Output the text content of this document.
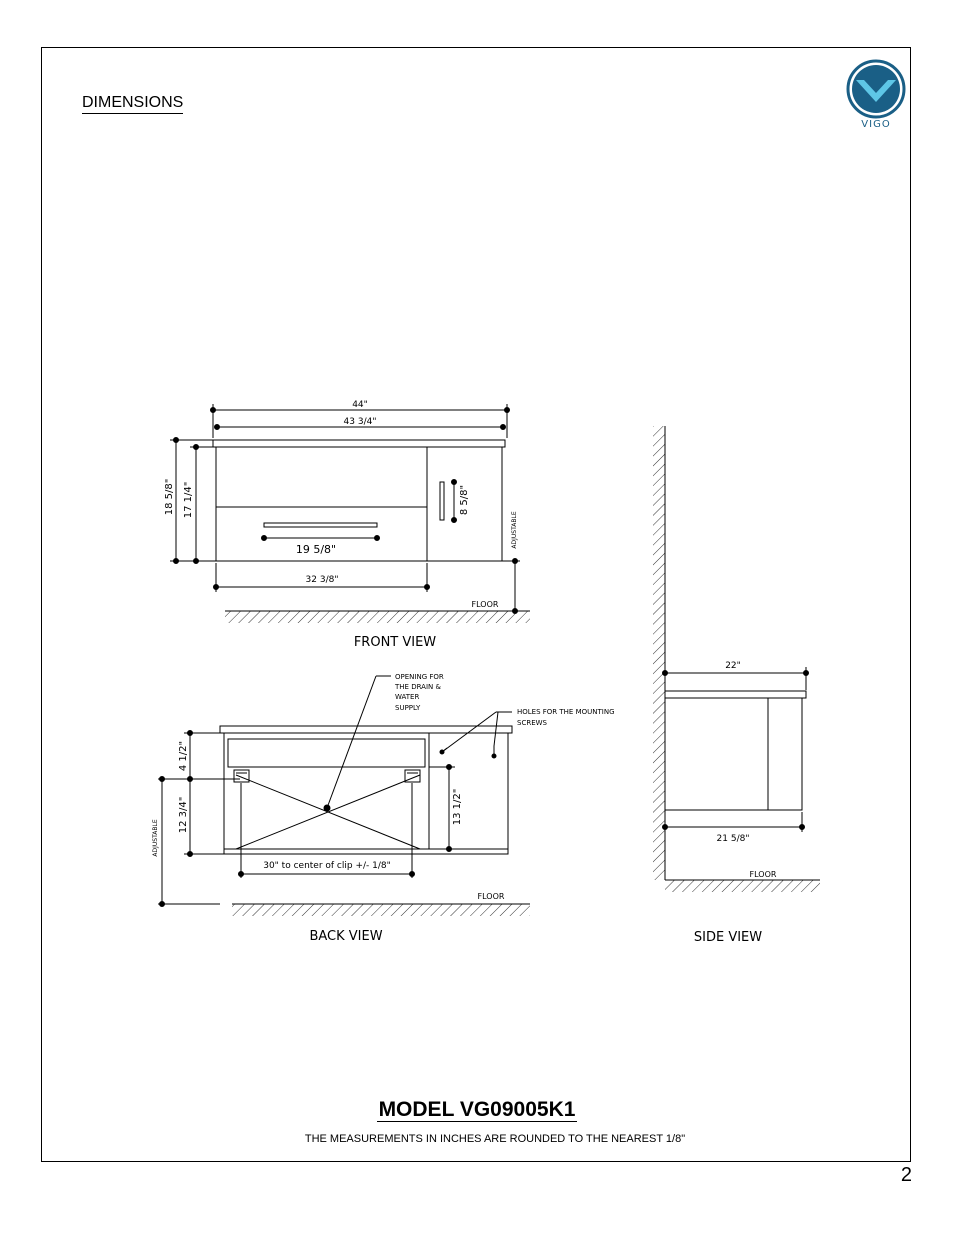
DIMENSIONS
VIGO
44"
43 3/4"
18 5/8" 17 1/4"
19 5/8"
8 5/8"
32 3/8"
ADJUSTABLE
FLOOR
FRONT VIEW
OPENING FOR THE DRAIN & WATER SUPPLY	HOLES FOR THE MOUNTING SCREWS
4 1/2"
12 3/4"
ADJUSTABLE
13 1/2"
30" to center of clip +/- 1/8"
FLOOR
BACK VIEW
22"
21 5/8"
FLOOR
SIDE VIEW
MODEL VG09005K1
THE MEASUREMENTS IN INCHES ARE ROUNDED TO THE NEAREST 1/8"
2
